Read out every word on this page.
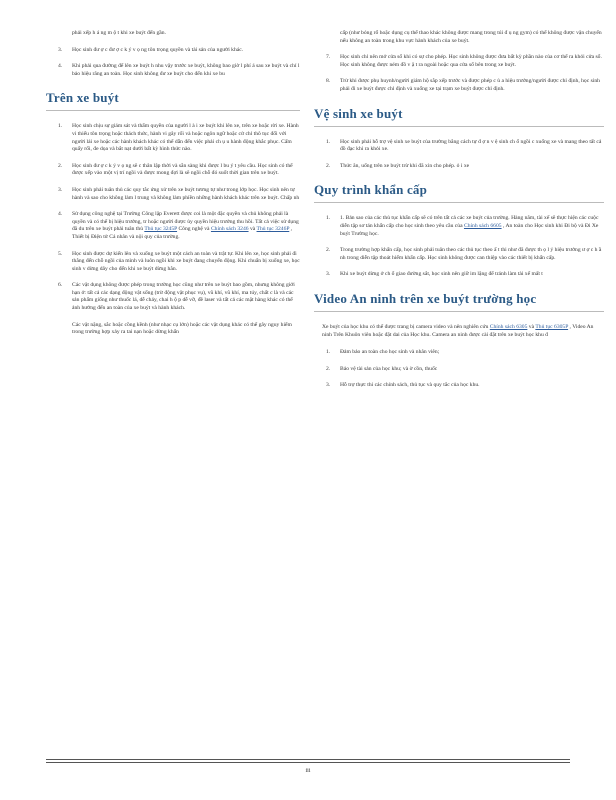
phải xếp h á ng m ộ t khi xe buýt đến gần.
3.	Học sinh đư ợ c đư ợ c k ý v ọ ng tôn trọng quyền và tài sản của người khác.
4.	Khi phải qua đường để lên xe buýt h nhu vậy trước xe buýt, không bao giờ l phí á sau xe buýt và chỉ l bảo hiệu răng an toàn. Học sinh không đư xe buýt cho đến khi xe bu
Trên xe buýt
1.	Học sinh chịu sự giám sát và thẩm quyền của người l à i xe buýt khi lên xe, trên xe hoặc rời xe. Hành vi thiếu tôn trọng hoặc thách thức, hành vi gây rối và hoặc ngôn ngữ hoặc cử chỉ thô tục đối với người lái xe hoặc các hành khách khác có thể dẫn đến việc phải ch ụ u hành động khắc phục. Cấm quấy rối, đe dọa và bắt nạt dưới bất kỳ hình thức nào.
2.	Học sinh đư ợ c k ý v ọ ng sẽ c thân lập thời và sẵn sàng khi được l bu ý t yêu cầu. Học sinh có thể được xếp vào một vị trí ngồi và được mong đợi là sẽ ngồi chỗ đó suốt thời gian trên xe buýt.
3.	Học sinh phải tuân thủ các quy tắc ứng xử trên xe buýt tương tự như trong lớp học. Học sinh nên tự hành và sao cho không làm l trung và không làm phiền những hành khách khác trên xe buýt. Chấp nh
4.	Sử dụng công nghệ tại Trường Công lập Everett được coi là một đặc quyền và chủ không phải là quyền và có thể bị hiệu trưởng, tr hoặc người được ủy quyền hiệu trưởng thu hồi. Tất cả việc sử dụng đã du trên xe buýt phải tuân thủ Thủ tục 3245P Công nghệ và Chính sách 3246 và Thủ tục 3246P , Thiết bị Điện tử Cá nhân và nội quy của trường.
5.	Học sinh được dự kiến lên và xuống xe buýt một cách an toàn và trật tự. Khi lên xe, học sinh phải đi thẳng đến chỗ ngồi của mình và luôn ngồi khi xe buýt đang chuyển động. Khi chuẩn bị xuống xe, học sinh v dừng dây cho đến khi xe buýt dừng hẳn.
6.	Các vật dụng không được phép trong trường học cũng như trên xe buýt bao gồm, nhưng không giới hạn ở: tất cả các dạng động vật sống (trừ động vật phục vụ), vũ khí, vũ khí, ma túy, chất c là và các sản phẩm giống như thuốc lá, dễ cháy, chai h ộ p dễ vỡ, đề laser và tất cả các mặt hàng khác có thể ảnh hưởng đến an toàn của xe buýt và hành khách.
Các vật nặng, sắc hoặc cồng kềnh (như nhạc cụ lớn) hoặc các vật dụng khác có thể gây nguy hiểm trong trường hợp xảy ra tai nạn hoặc dừng khẩn
cấp (như bóng rổ hoặc dụng cụ thể thao khác không được mang trong túi đ ụ ng gym) có thể không được vận chuyển nếu không an toàn trong khu vực hành khách của xe buýt.
7.	Học sinh chỉ nên mở cửa sổ khi có sự cho phép. Học sinh không được đưa bất kỳ phần nào của cơ thể ra khỏi cửa sổ. Học sinh không được ném đồ v ậ t ra ngoài hoặc qua cửa sổ bên trong xe buýt.
8.	Trừ khi được phụ huynh/người giám hộ sắp xếp trước và được phép c ủ a hiệu trưởng/người được chỉ định, học sinh phải đi xe buýt được chỉ định và xuống xe tại trạm xe buýt được chỉ định.
Vệ sinh xe buýt
1.	Học sinh phải hỗ trợ vệ sinh xe buýt của trường bằng cách tự đ ợ n v ệ sinh ch ổ ngồi c xuống xe và mang theo tất cả đồ đạc khi ra khỏi xe.
2.	Thức ăn, uống trên xe buýt trừ khi đã xin cho phép. ỏ i xe
Quy trình khẩn cấp
1.	1. Bản sao của các thủ tục khẩn cấp sẽ có trên tất cả các xe buýt của trường. Hàng năm, tài xế sẽ thực hiện các cuộc diễn tập sơ tán khẩn cấp cho học sinh theo yêu cầu của Chính sách 6605 , An toàn cho Học sinh khi Đi bộ và Đi Xe buýt Trường học.
2.	Trong trường hợp khẩn cấp, học sinh phải tuân theo các thủ tục theo ấ t thi như đã được th ọ l ý hiệu trưởng ư ợ c h ầ nh trong diễn tập thoát hiểm khẩn cấp. Học sinh không được can thiệp vào các thiết bị khẩn cấp.
3.	Khi xe buýt dừng ở ch ổ giao đường sắt, học sinh nên giữ im lặng để tránh làm tài xế mất t
Video An ninh trên xe buýt trường học
Xe buýt của học khu có thể được trang bị camera video và nên nghiên cứu Chính sách 6305 và Thủ tục 6305P , Video An ninh Trên Khuôn viên hoặc đặt dai của Học khu. Camera an ninh được cài đặt trên xe buýt học khu đ
1.	Đảm bảo an toàn cho học sinh và nhân viên;
2.	Bảo vệ tài sản của học khu; và ờ cồn, thuốc
3.	Hỗ trợ thực thi các chính sách, thủ tục và quy tắc của học khu.
iii
